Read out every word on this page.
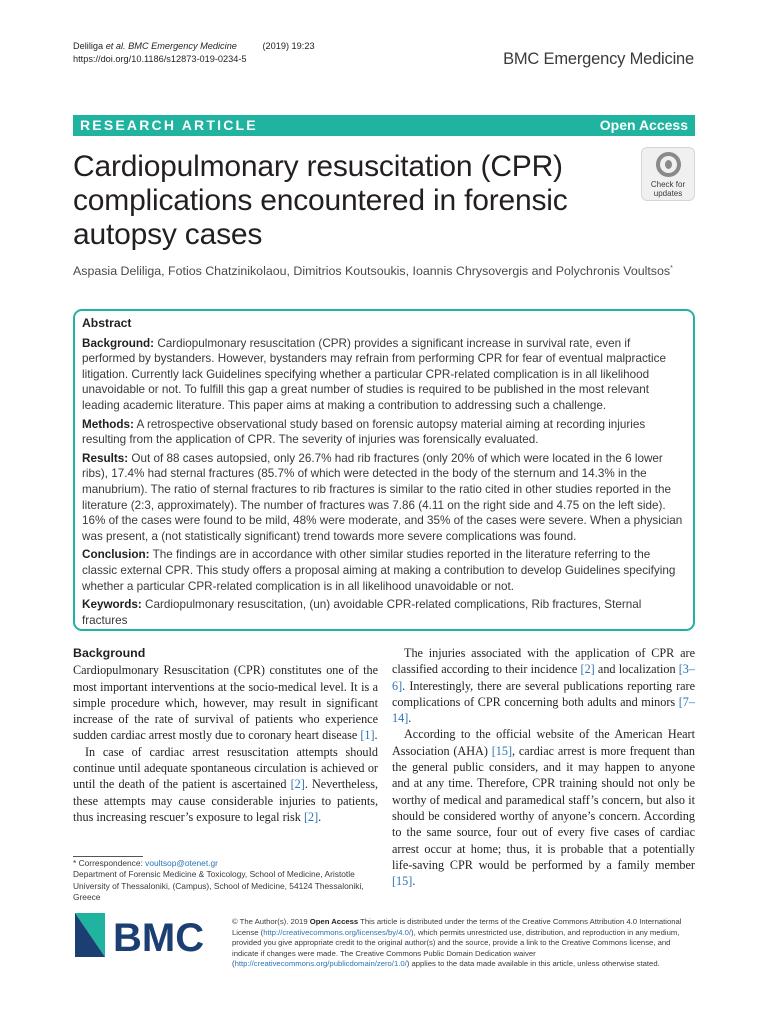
Deliliga et al. BMC Emergency Medicine          (2019) 19:23
https://doi.org/10.1186/s12873-019-0234-5	BMC Emergency Medicine
RESEARCH ARTICLE	Open Access
Cardiopulmonary resuscitation (CPR) complications encountered in forensic autopsy cases
Check for
updates
Aspasia Deliliga, Fotios Chatzinikolaou, Dimitrios Koutsoukis, Ioannis Chrysovergis and Polychronis Voultsos*
Abstract

Background: Cardiopulmonary resuscitation (CPR) provides a significant increase in survival rate, even if performed by bystanders. However, bystanders may refrain from performing CPR for fear of eventual malpractice litigation. Currently lack Guidelines specifying whether a particular CPR-related complication is in all likelihood unavoidable or not. To fulfill this gap a great number of studies is required to be published in the most relevant leading academic literature. This paper aims at making a contribution to addressing such a challenge.

Methods: A retrospective observational study based on forensic autopsy material aiming at recording injuries resulting from the application of CPR. The severity of injuries was forensically evaluated.

Results: Out of 88 cases autopsied, only 26.7% had rib fractures (only 20% of which were located in the 6 lower ribs), 17.4% had sternal fractures (85.7% of which were detected in the body of the sternum and 14.3% in the manubrium). The ratio of sternal fractures to rib fractures is similar to the ratio cited in other studies reported in the literature (2:3, approximately). The number of fractures was 7.86 (4.11 on the right side and 4.75 on the left side). 16% of the cases were found to be mild, 48% were moderate, and 35% of the cases were severe. When a physician was present, a (not statistically significant) trend towards more severe complications was found.

Conclusion: The findings are in accordance with other similar studies reported in the literature referring to the classic external CPR. This study offers a proposal aiming at making a contribution to develop Guidelines specifying whether a particular CPR-related complication is in all likelihood unavoidable or not.

Keywords: Cardiopulmonary resuscitation, (un) avoidable CPR-related complications, Rib fractures, Sternal fractures

Background

Cardiopulmonary Resuscitation (CPR) constitutes one of the most important interventions at the socio-medical level. It is a simple procedure which, however, may result in significant increase of the rate of survival of patients who experience sudden cardiac arrest mostly due to coronary heart disease [1].

In case of cardiac arrest resuscitation attempts should continue until adequate spontaneous circulation is achieved or until the death of the patient is ascertained [2]. Nevertheless, these attempts may cause considerable injuries to patients, thus increasing rescuer’s exposure to legal risk [2].

The injuries associated with the application of CPR are classified according to their incidence [2] and localization [3–6]. Interestingly, there are several publications reporting rare complications of CPR concerning both adults and minors [7–14].

According to the official website of the American Heart Association (AHA) [15], cardiac arrest is more frequent than the general public considers, and it may happen to anyone and at any time. Therefore, CPR training should not only be worthy of medical and paramedical staff’s concern, but also it should be considered worthy of anyone’s concern. According to the same source, four out of every five cases of cardiac arrest occur at home; thus, it is probable that a potentially life-saving CPR would be performed by a family member [15].

* Correspondence: voultsop@otenet.gr
Department of Forensic Medicine & Toxicology, School of Medicine, Aristotle University of Thessaloniki, (Campus), School of Medicine, 54124 Thessaloniki, Greece
BMC	© The Author(s). 2019 Open Access This article is distributed under the terms of the Creative Commons Attribution 4.0 International License (http://creativecommons.org/licenses/by/4.0/), which permits unrestricted use, distribution, and reproduction in any medium, provided you give appropriate credit to the original author(s) and the source, provide a link to the Creative Commons license, and indicate if changes were made. The Creative Commons Public Domain Dedication waiver (http://creativecommons.org/publicdomain/zero/1.0/) applies to the data made available in this article, unless otherwise stated.
